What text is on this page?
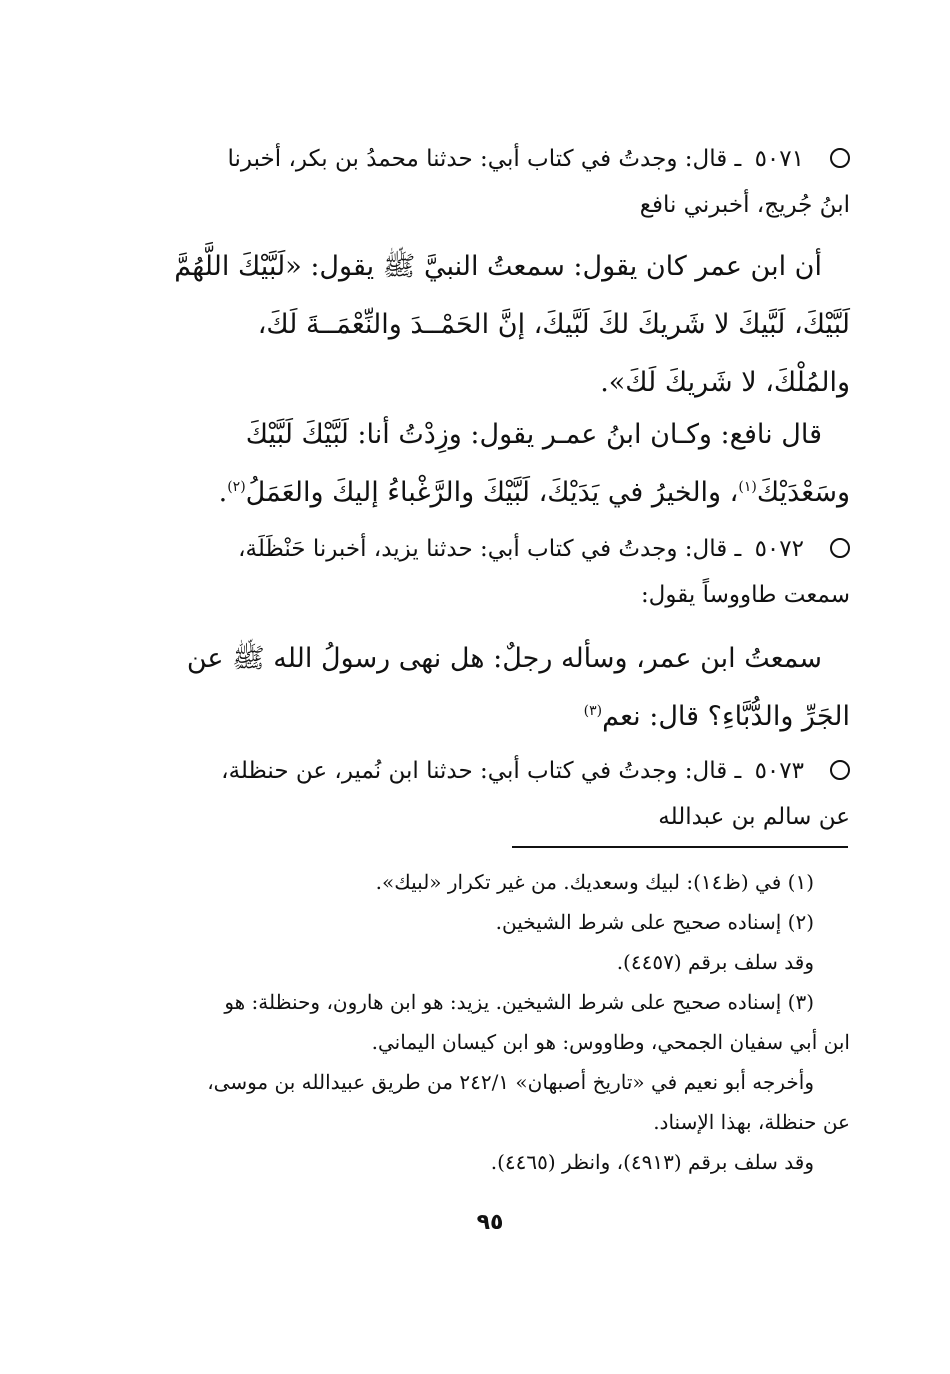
٥٠٧١ ـ قال: وجدتُ في كتاب أبي: حدثنا محمدُ بن بكر، أخبرنا
ابنُ جُريج، أخبرني نافع
أن ابن عمر كان يقول: سمعتُ النبيَّ ﷺ يقول: «لَبَّيْكَ اللَّهُمَّ
لَبَّيْكَ، لَبَّيكَ لا شَريكَ لكَ لَبَّيكَ، إنَّ الحَمْــدَ والنِّعْمَــةَ لَكَ،
والمُلْكَ، لا شَريكَ لَكَ».
قال نافع: وكـان ابنُ عمـر يقول: وزِدْتُ أنا: لَبَّيْكَ لَبَّيْكَ
وسَعْدَيْكَ$^{(١)}$، والخيرُ في يَدَيْكَ، لَبَّيْكَ والرَّغْباءُ إليكَ والعَمَلُ$^{(٢)}$.
٥٠٧٢ ـ قال: وجدتُ في كتاب أبي: حدثنا يزيد، أخبرنا حَنْظَلَة،
سمعت طاووساً يقول:
سمعتُ ابن عمر، وسأله رجلٌ: هل نهى رسولُ الله ﷺ عن
الجَرِّ والدُّبَّاءِ؟ قال: نعم$^{(٣)}$
٥٠٧٣ ـ قال: وجدتُ في كتاب أبي: حدثنا ابن نُمير، عن حنظلة،
عن سالم بن عبدالله
(١) في (ظ١٤): لبيك وسعديك. من غير تكرار «لبيك».
(٢) إسناده صحيح على شرط الشيخين.
وقد سلف برقم (٤٤٥٧).
(٣) إسناده صحيح على شرط الشيخين. يزيد: هو ابن هارون، وحنظلة: هو
ابن أبي سفيان الجمحي، وطاووس: هو ابن كيسان اليماني.
وأخرجه أبو نعيم في «تاريخ أصبهان» ٢٤٢/١ من طريق عبيدالله بن موسى،
عن حنظلة، بهذا الإسناد.
وقد سلف برقم (٤٩١٣)، وانظر (٤٤٦٥).
٩٥
